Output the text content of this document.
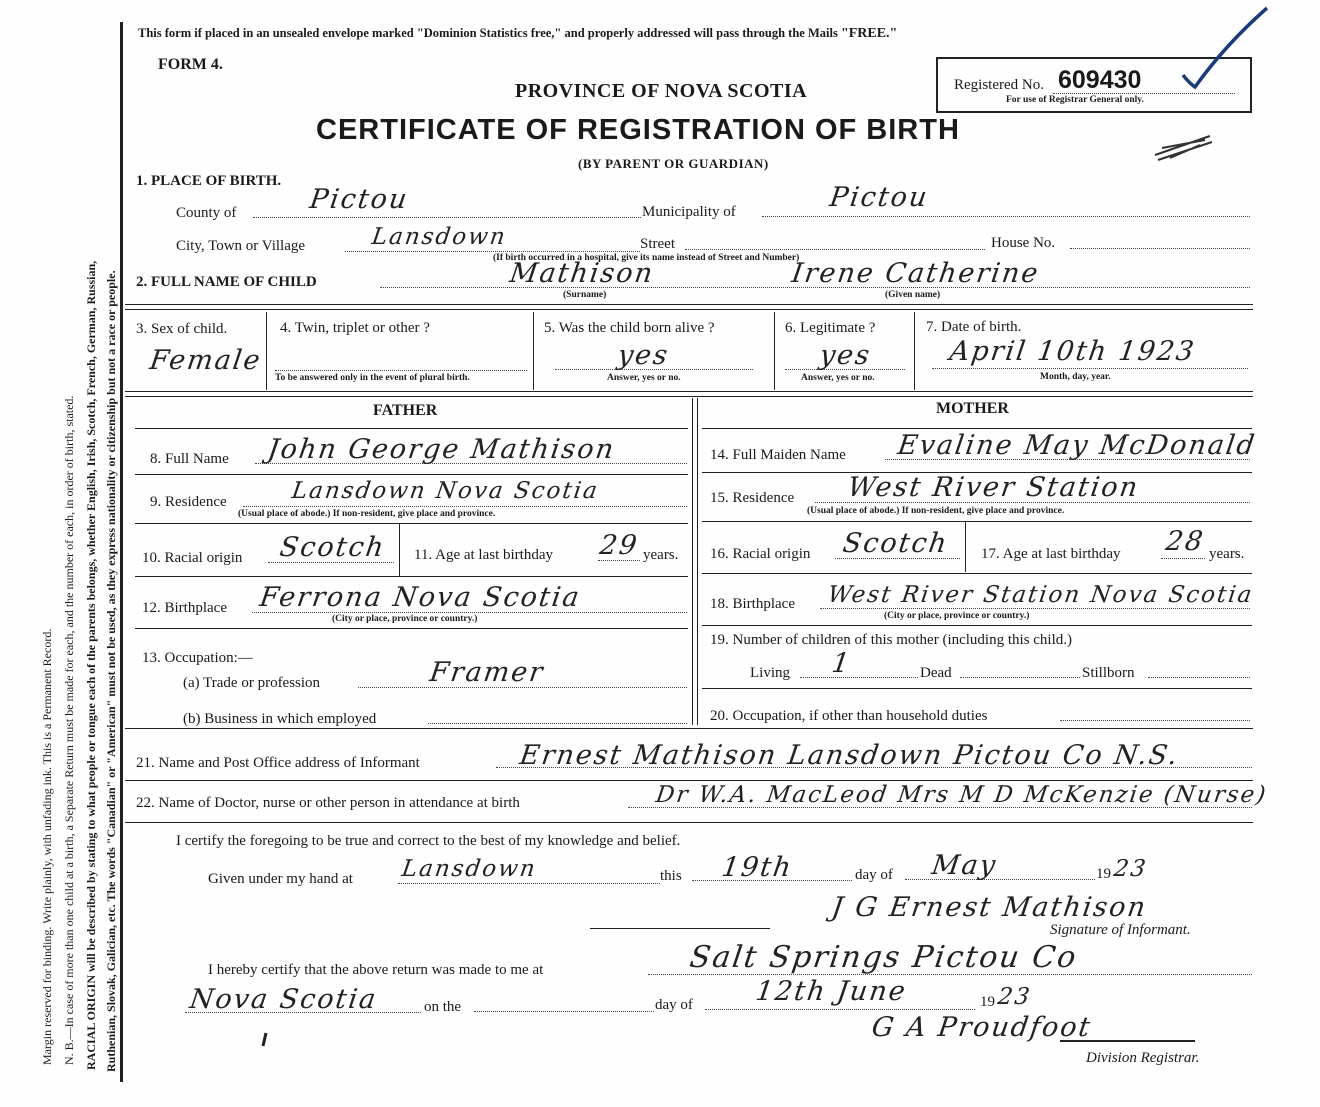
Margin reserved for binding. Write plainly, with unfading ink. This is a Permanent Record. N. B.—In case of more than one child at a birth, a Separate Return must be made for each, and the number of each, in order of birth, stated. RACIAL ORIGIN will be described by stating to what people or tongue each of the parents belongs, whether English, Irish, Scotch, French, German, Russian, Ruthenian, Slovak, Galician, etc. The words "Canadian" or "American" must not be used, as they express nationality or citizenship but not a race or people.
This form if placed in an unsealed envelope marked "Dominion Statistics free," and properly addressed will pass through the Mails "FREE."
FORM 4.
PROVINCE OF NOVA SCOTIA
CERTIFICATE OF REGISTRATION OF BIRTH
(BY PARENT OR GUARDIAN)
Registered No. 609430
For use of Registrar General only.
1. PLACE OF BIRTH.
County of	Pictou	Municipality of	Pictou
City, Town or Village	Lansdown	Street	House No.
(If birth occurred in a hospital, give its name instead of Street and Number)
2. FULL NAME OF CHILD	Mathison	Irene Catherine
(Surname)	(Given name)
3. Sex of child.
Female
4. Twin, triplet or other ?
To be answered only in the event of plural birth.
5. Was the child born alive ?
yes
Answer, yes or no.
6. Legitimate ?
yes
Answer, yes or no.
7. Date of birth.
April 10th 1923
Month, day, year.
FATHER	MOTHER
8. Full Name John George Mathison
9. Residence	Lansdown Nova Scotia
(Usual place of abode.) If non-resident, give place and province.
10. Racial origin Scotch 11. Age at last birthday 29 years.
12. Birthplace Ferrona Nova Scotia
(City or place, province or country.)
13. Occupation:—
(a) Trade or profession	Framer
(b) Business in which employed
14. Full Maiden Name Evaline May McDonald
15. Residence West River Station
(Usual place of abode.) If non-resident, give place and province.
16. Racial origin Scotch 17. Age at last birthday 28 years.
18. Birthplace West River Station Nova Scotia
(City or place, province or country.)
19. Number of children of this mother (including this child.)
Living 1	Dead	Stillborn
20. Occupation, if other than household duties
21. Name and Post Office address of Informant	Ernest Mathison Lansdown Pictou Co N.S.
22. Name of Doctor, nurse or other person in attendance at birth	Dr W.A. MacLeod Mrs M D McKenzie (Nurse)
I certify the foregoing to be true and correct to the best of my knowledge and belief.
Given under my hand at Lansdown	this 19th	day of May	19 23
J G Ernest Mathison
Signature of Informant.
I hereby certify that the above return was made to me at	Salt Springs Pictou Co
Nova Scotia	on the	day of 12th June	19 23
G A Proudfoot
Division Registrar.
